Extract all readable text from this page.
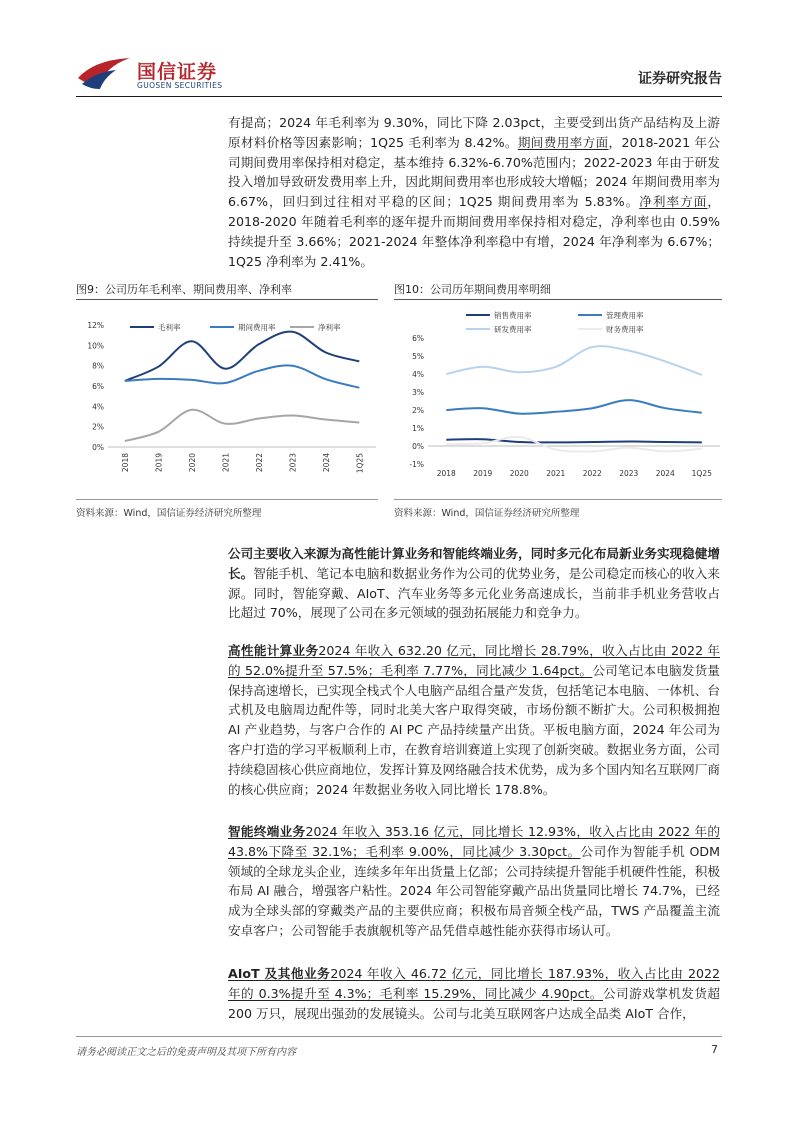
国信证券
GUOSEN SECURITIES	证券研究报告
有提高；2024 年毛利率为 9.30%，同比下降 2.03pct，主要受到出货产品结构及上游原材料价格等因素影响；1Q25 毛利率为 8.42%。期间费用率方面，2018-2021 年公司期间费用率保持相对稳定，基本维持 6.32%-6.70%范围内；2022-2023 年由于研发投入增加导致研发费用率上升，因此期间费用率也形成较大增幅；2024 年期间费用率为 6.67%，回归到过往相对平稳的区间；1Q25 期间费用率为 5.83%。净利率方面，2018-2020 年随着毛利率的逐年提升而期间费用率保持相对稳定，净利率也由 0.59%持续提升至 3.66%；2021-2024 年整体净利率稳中有增，2024 年净利率为 6.67%；1Q25 净利率为 2.41%。
图9：公司历年毛利率、期间费用率、净利率
0%
2%
4%
6%
8%
10%
12%
2018	2019	2020	2021	2022	2023	2024	1Q25
毛利率	期间费用率	净利率
资料来源：Wind，国信证券经济研究所整理
图10：公司历年期间费用率明细
-1%
0%
1%
2%
3%
4%
5%
6%
2018 2019 2020 2021 2022 2023 2024 1Q25
销售费用率	管理费用率
研发费用率	财务费用率
资料来源：Wind，国信证券经济研究所整理
公司主要收入来源为高性能计算业务和智能终端业务，同时多元化布局新业务实现稳健增长。智能手机、笔记本电脑和数据业务作为公司的优势业务，是公司稳定而核心的收入来源。同时，智能穿戴、AIoT、汽车业务等多元化业务高速成长，当前非手机业务营收占比超过 70%，展现了公司在多元领域的强劲拓展能力和竞争力。
高性能计算业务2024 年收入 632.20 亿元，同比增长 28.79%，收入占比由 2022 年的 52.0%提升至 57.5%；毛利率 7.77%，同比减少 1.64pct。公司笔记本电脑发货量保持高速增长，已实现全栈式个人电脑产品组合量产发货，包括笔记本电脑、一体机、台式机及电脑周边配件等，同时北美大客户取得突破，市场份额不断扩大。公司积极拥抱 AI 产业趋势，与客户合作的 AI PC 产品持续量产出货。平板电脑方面，2024 年公司为客户打造的学习平板顺利上市，在教育培训赛道上实现了创新突破。数据业务方面，公司持续稳固核心供应商地位，发挥计算及网络融合技术优势，成为多个国内知名互联网厂商的核心供应商；2024 年数据业务收入同比增长 178.8%。
智能终端业务2024 年收入 353.16 亿元，同比增长 12.93%，收入占比由 2022 年的 43.8%下降至 32.1%；毛利率 9.00%，同比减少 3.30pct。公司作为智能手机 ODM 领域的全球龙头企业，连续多年年出货量上亿部；公司持续提升智能手机硬件性能，积极布局 AI 融合，增强客户粘性。2024 年公司智能穿戴产品出货量同比增长 74.7%，已经成为全球头部的穿戴类产品的主要供应商；积极布局音频全栈产品，TWS 产品覆盖主流安卓客户；公司智能手表旗舰机等产品凭借卓越性能亦获得市场认可。
AIoT 及其他业务2024 年收入 46.72 亿元，同比增长 187.93%，收入占比由 2022 年的 0.3%提升至 4.3%；毛利率 15.29%，同比减少 4.90pct。公司游戏掌机发货超 200 万只，展现出强劲的发展镜头。公司与北美互联网客户达成全品类 AIoT 合作，
请务必阅读正文之后的免责声明及其项下所有内容	7
